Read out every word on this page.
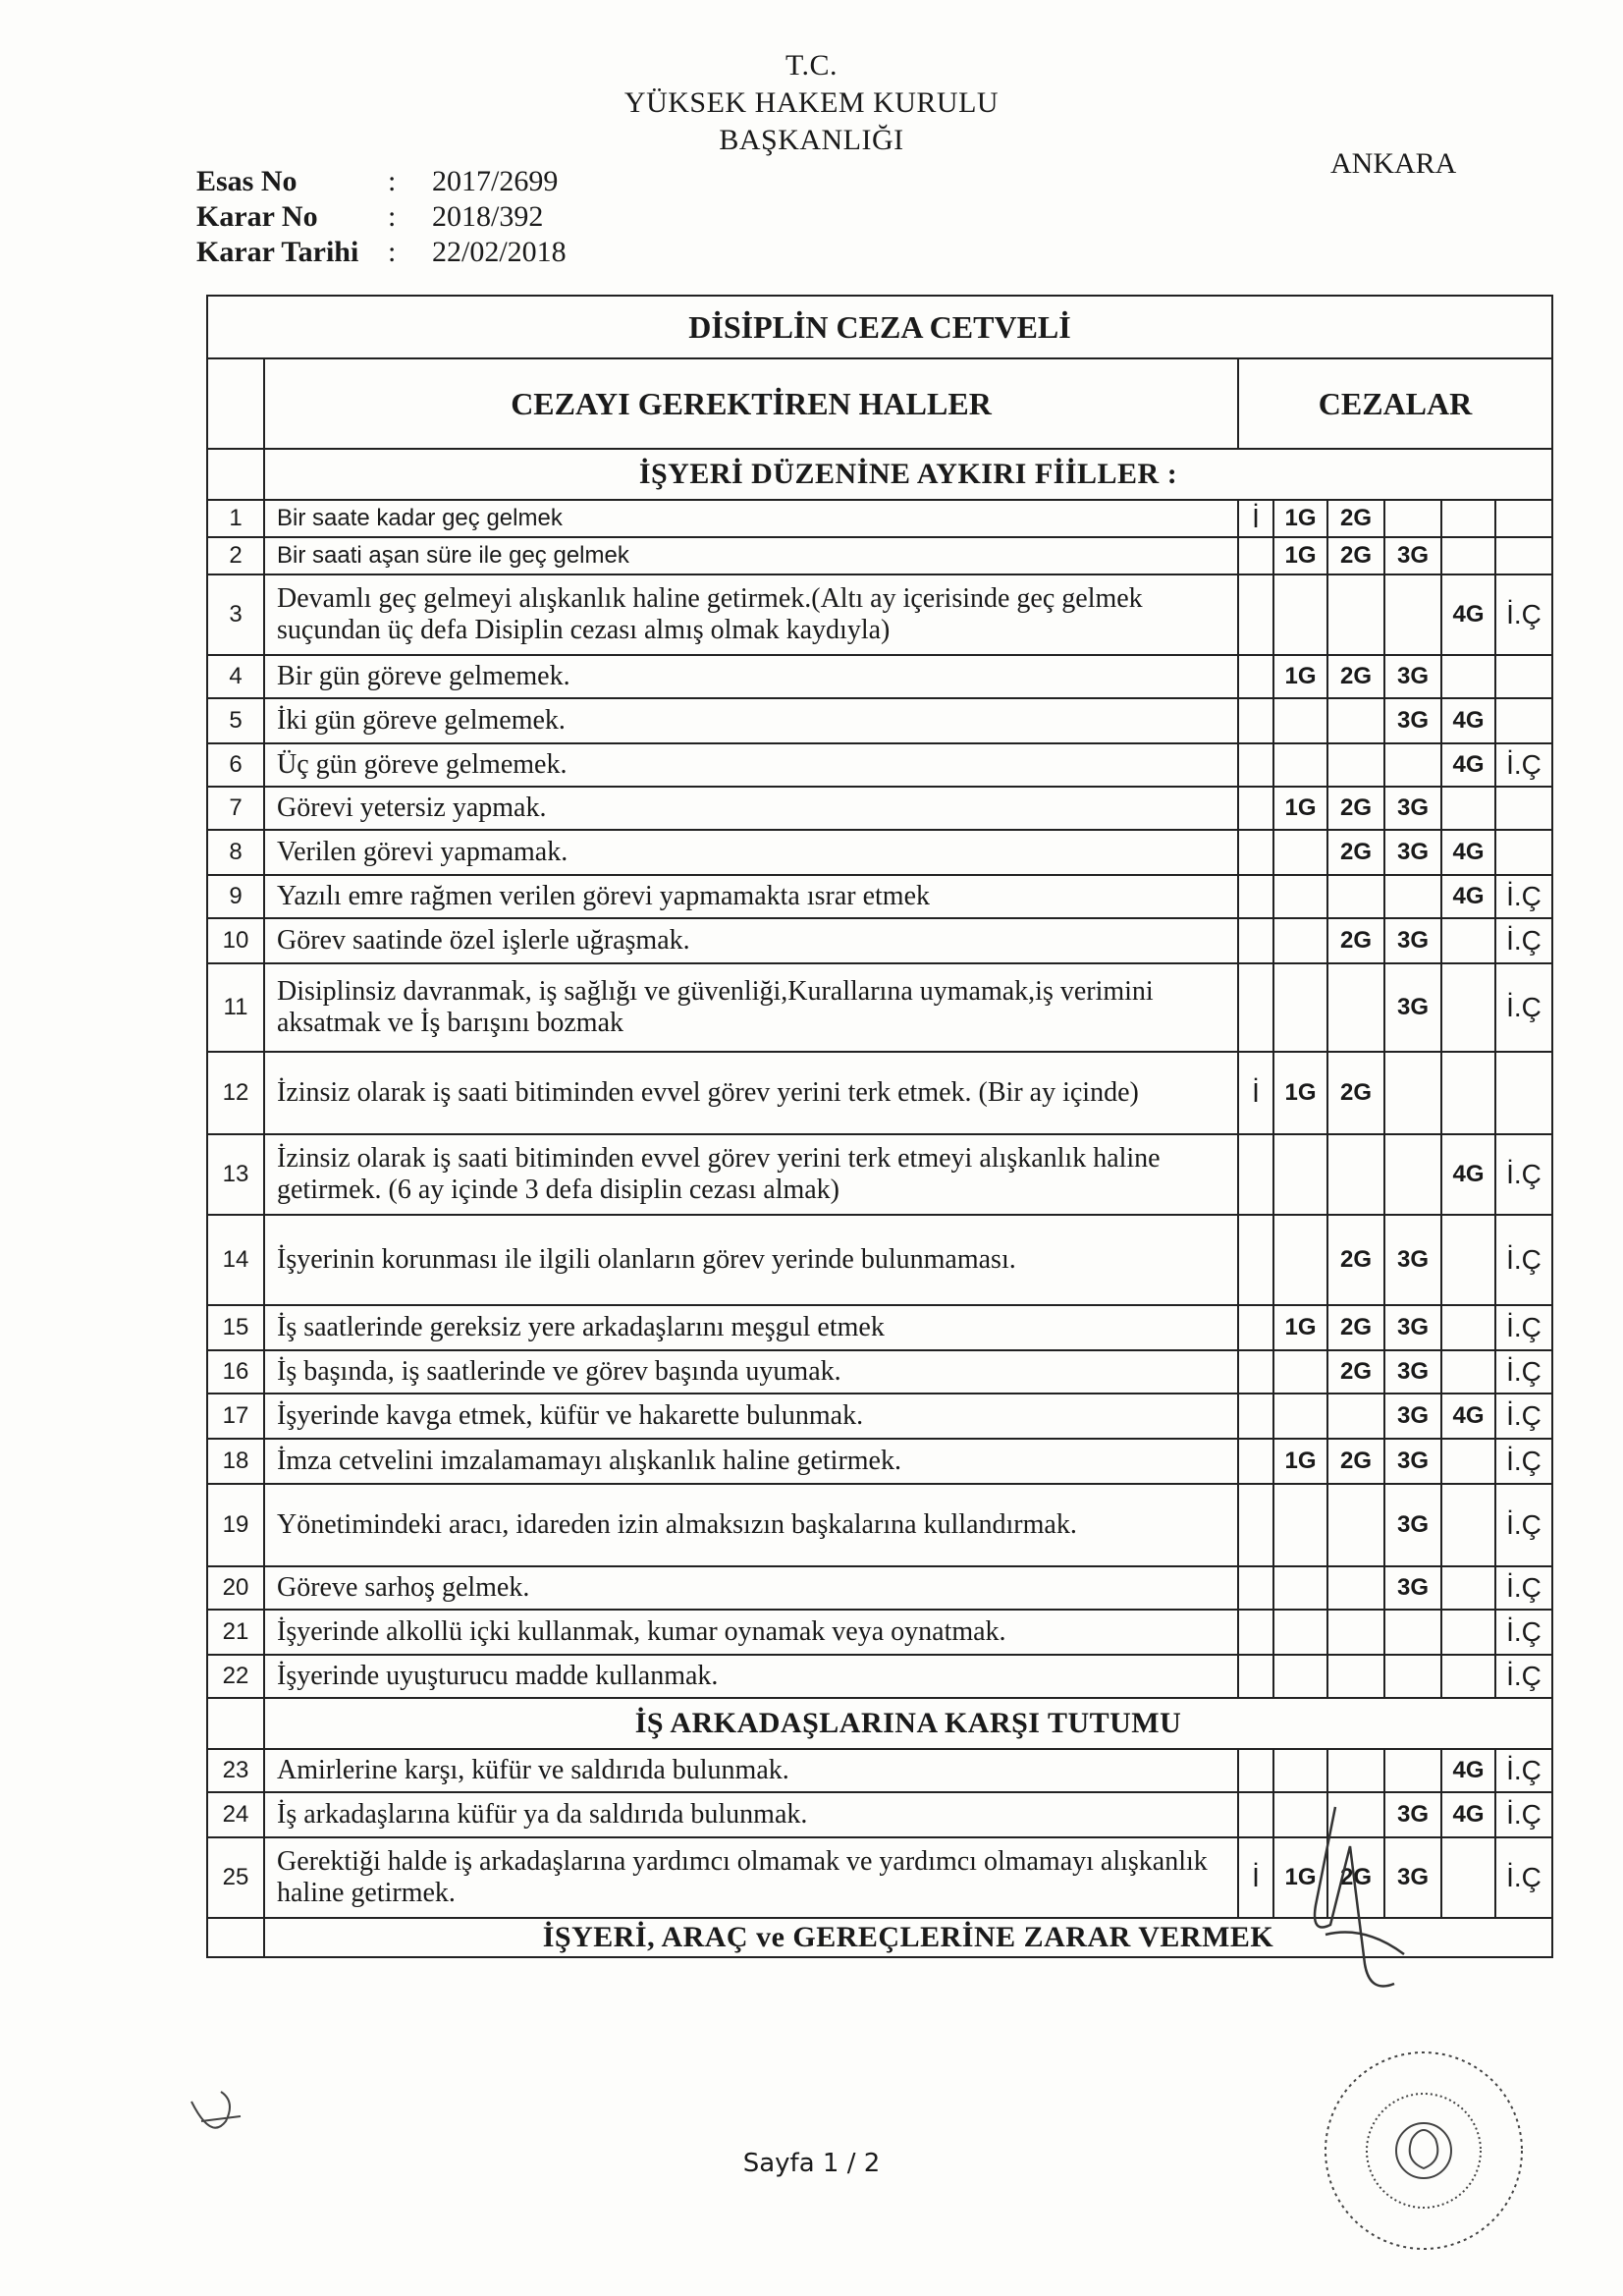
T.C.
YÜKSEK HAKEM KURULU
BAŞKANLIĞI
ANKARA
Esas No	: 2017/2699
Karar No : 2018/392
Karar Tarihi : 22/02/2018
DİSİPLİN CEZA CETVELİ							
	CEZAYI GEREKTİREN HALLER	CEZALAR					
	İŞYERİ DÜZENİNE AYKIRI FİİLLER :						
1	Bir saate kadar geç gelmek	İ	1G	2G			
2	Bir saati aşan süre ile geç gelmek		1G	2G	3G		
3	Devamlı geç gelmeyi alışkanlık haline getirmek.(Altı ay içerisinde geç gelmek suçundan üç defa Disiplin cezası almış olmak kaydıyla)					4G	İ.Ç
4	Bir gün göreve gelmemek.		1G	2G	3G		
5	İki gün göreve gelmemek.				3G	4G	
6	Üç gün göreve gelmemek.					4G	İ.Ç
7	Görevi yetersiz yapmak.		1G	2G	3G		
8	Verilen görevi yapmamak.			2G	3G	4G	
9	Yazılı emre rağmen verilen görevi yapmamakta ısrar etmek					4G	İ.Ç
10	Görev saatinde özel işlerle uğraşmak.			2G	3G		İ.Ç
11	Disiplinsiz davranmak, iş sağlığı ve güvenliği,Kurallarına uymamak,iş verimini aksatmak ve İş barışını bozmak				3G		İ.Ç
12	İzinsiz olarak iş saati bitiminden evvel görev yerini terk etmek. (Bir ay içinde)	İ	1G	2G			
13	İzinsiz olarak iş saati bitiminden evvel görev yerini terk etmeyi alışkanlık haline getirmek. (6 ay içinde 3 defa disiplin cezası almak)					4G	İ.Ç
14	İşyerinin korunması ile ilgili olanların görev yerinde bulunmaması.			2G	3G		İ.Ç
15	İş saatlerinde gereksiz yere arkadaşlarını meşgul etmek		1G	2G	3G		İ.Ç
16	İş başında, iş saatlerinde ve görev başında uyumak.			2G	3G		İ.Ç
17	İşyerinde kavga etmek, küfür ve hakarette bulunmak.				3G	4G	İ.Ç
18	İmza cetvelini imzalamamayı alışkanlık haline getirmek.		1G	2G	3G		İ.Ç
19	Yönetimindeki aracı, idareden izin almaksızın başkalarına kullandırmak.				3G		İ.Ç
20	Göreve sarhoş gelmek.				3G		İ.Ç
21	İşyerinde alkollü içki kullanmak, kumar oynamak veya oynatmak.						İ.Ç
22	İşyerinde uyuşturucu madde kullanmak.						İ.Ç
	İŞ ARKADAŞLARINA KARŞI TUTUMU						
23	Amirlerine karşı, küfür ve saldırıda bulunmak.					4G	İ.Ç
24	İş arkadaşlarına küfür ya da saldırıda bulunmak.				3G	4G	İ.Ç
25	Gerektiği halde iş arkadaşlarına yardımcı olmamak ve yardımcı olmamayı alışkanlık haline getirmek.	İ	1G	2G	3G		İ.Ç
	İŞYERİ, ARAÇ ve GEREÇLERİNE ZARAR VERMEK						
Sayfa 1 / 2
